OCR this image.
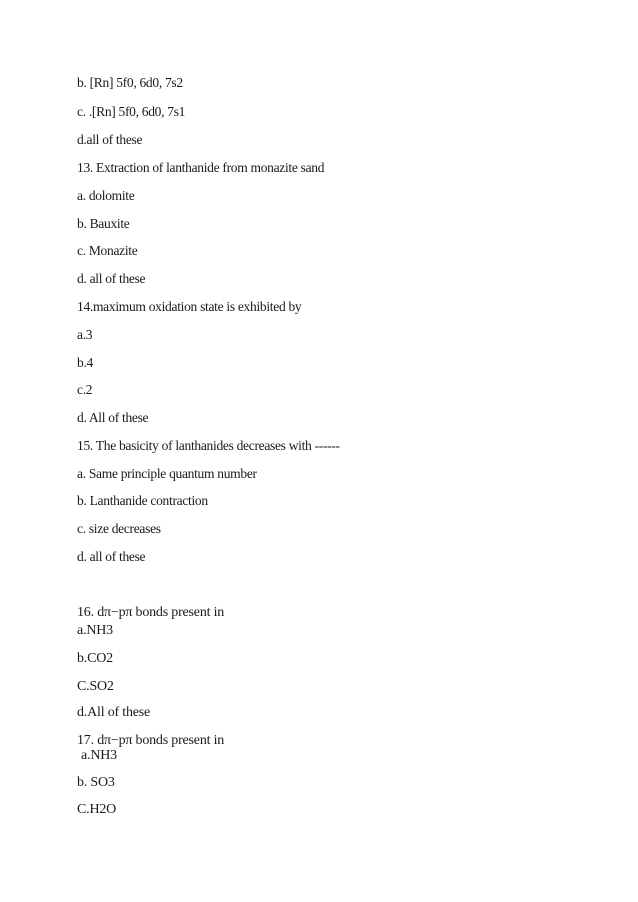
b. [Rn] 5f0, 6d0, 7s2
c. .[Rn] 5f0, 6d0, 7s1
d.all of these
13. Extraction of lanthanide from monazite sand
a. dolomite
b. Bauxite
c. Monazite
d. all of these
14.maximum oxidation state is exhibited by
a.3
b.4
c.2
d. All of these
15. The basicity of lanthanides decreases with ------
a. Same principle quantum number
b. Lanthanide contraction
c. size decreases
d. all of these
16. dπ−pπ bonds present in
a.NH3
b.CO2
C.SO2
d.All of these
17. dπ−pπ bonds present in
a.NH3
b. SO3
C.H2O
